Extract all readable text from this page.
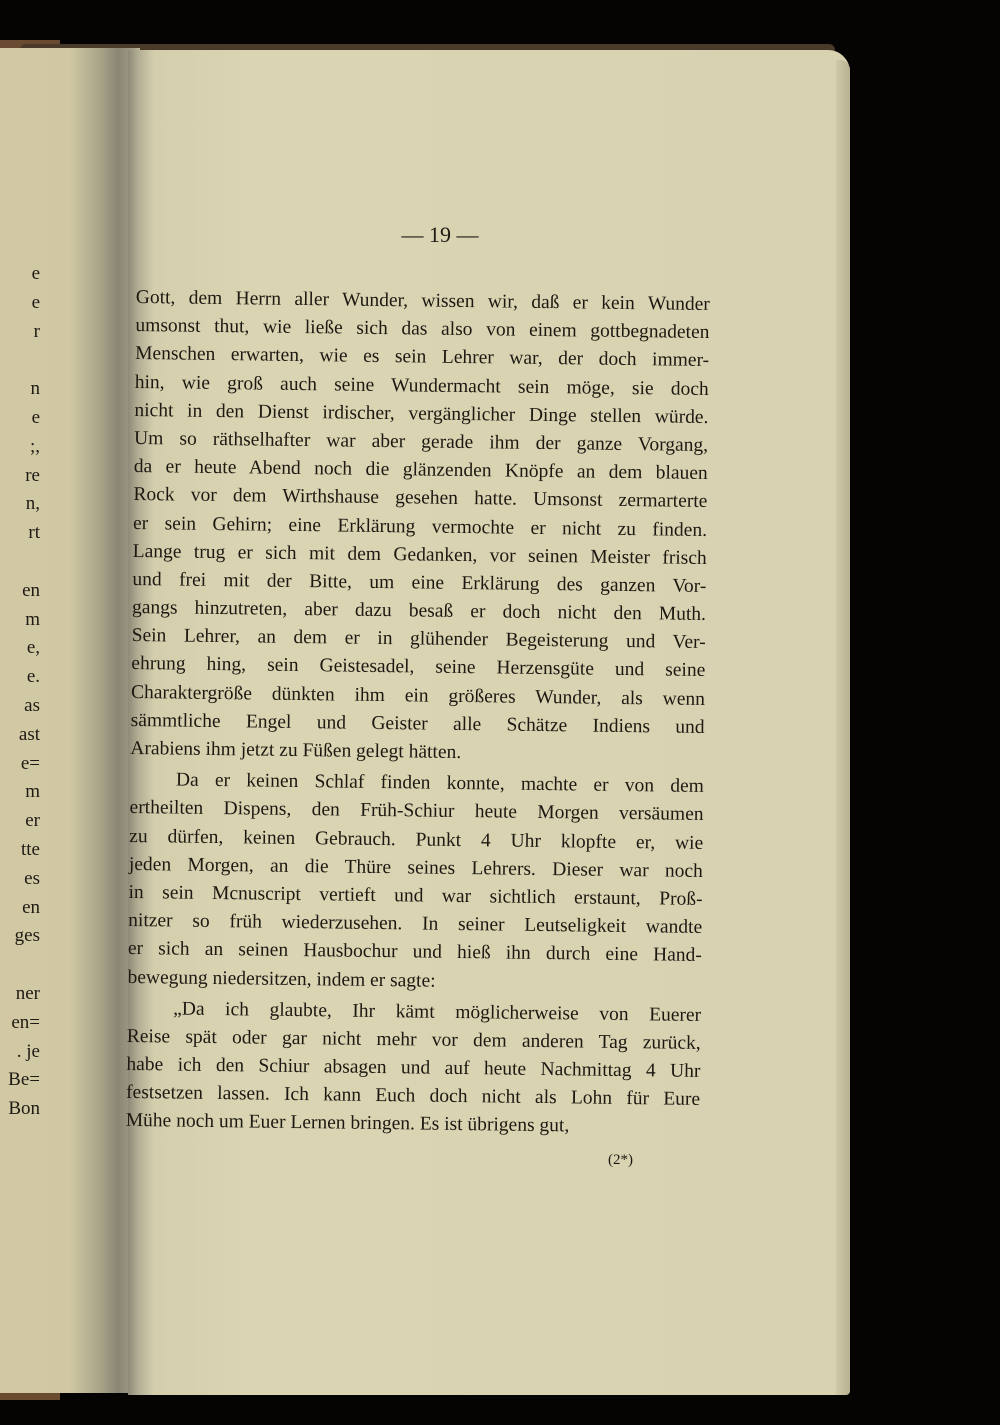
e
e
r
n
e
;,
re
n,
rt
en
m
e,
e.
as
ast
e=
m
er
tte
es
en
ges
ner
en=
. je
Be=
Bon
— 19 —
Gott, dem Herrn aller Wunder, wissen wir, daß er kein Wunder
umsonst thut, wie ließe sich das also von einem gottbegnadeten
Menschen erwarten, wie es sein Lehrer war, der doch immer-
hin, wie groß auch seine Wundermacht sein möge, sie doch
nicht in den Dienst irdischer, vergänglicher Dinge stellen würde.
Um so räthselhafter war aber gerade ihm der ganze Vorgang,
da er heute Abend noch die glänzenden Knöpfe an dem blauen
Rock vor dem Wirthshause gesehen hatte. Umsonst zermarterte
er sein Gehirn; eine Erklärung vermochte er nicht zu finden.
Lange trug er sich mit dem Gedanken, vor seinen Meister frisch
und frei mit der Bitte, um eine Erklärung des ganzen Vor-
gangs hinzutreten, aber dazu besaß er doch nicht den Muth.
Sein Lehrer, an dem er in glühender Begeisterung und Ver-
ehrung hing, sein Geistesadel, seine Herzensgüte und seine
Charaktergröße dünkten ihm ein größeres Wunder, als wenn
sämmtliche Engel und Geister alle Schätze Indiens und
Arabiens ihm jetzt zu Füßen gelegt hätten.
Da er keinen Schlaf finden konnte, machte er von dem
ertheilten Dispens, den Früh-Schiur heute Morgen versäumen
zu dürfen, keinen Gebrauch. Punkt 4 Uhr klopfte er, wie
jeden Morgen, an die Thüre seines Lehrers. Dieser war noch
in sein Mcnuscript vertieft und war sichtlich erstaunt, Proß-
nitzer so früh wiederzusehen. In seiner Leutseligkeit wandte
er sich an seinen Hausbochur und hieß ihn durch eine Hand-
bewegung niedersitzen, indem er sagte:
„Da ich glaubte, Ihr kämt möglicherweise von Euerer
Reise spät oder gar nicht mehr vor dem anderen Tag zurück,
habe ich den Schiur absagen und auf heute Nachmittag 4 Uhr
festsetzen lassen. Ich kann Euch doch nicht als Lohn für Eure
Mühe noch um Euer Lernen bringen. Es ist übrigens gut,
(2*)
